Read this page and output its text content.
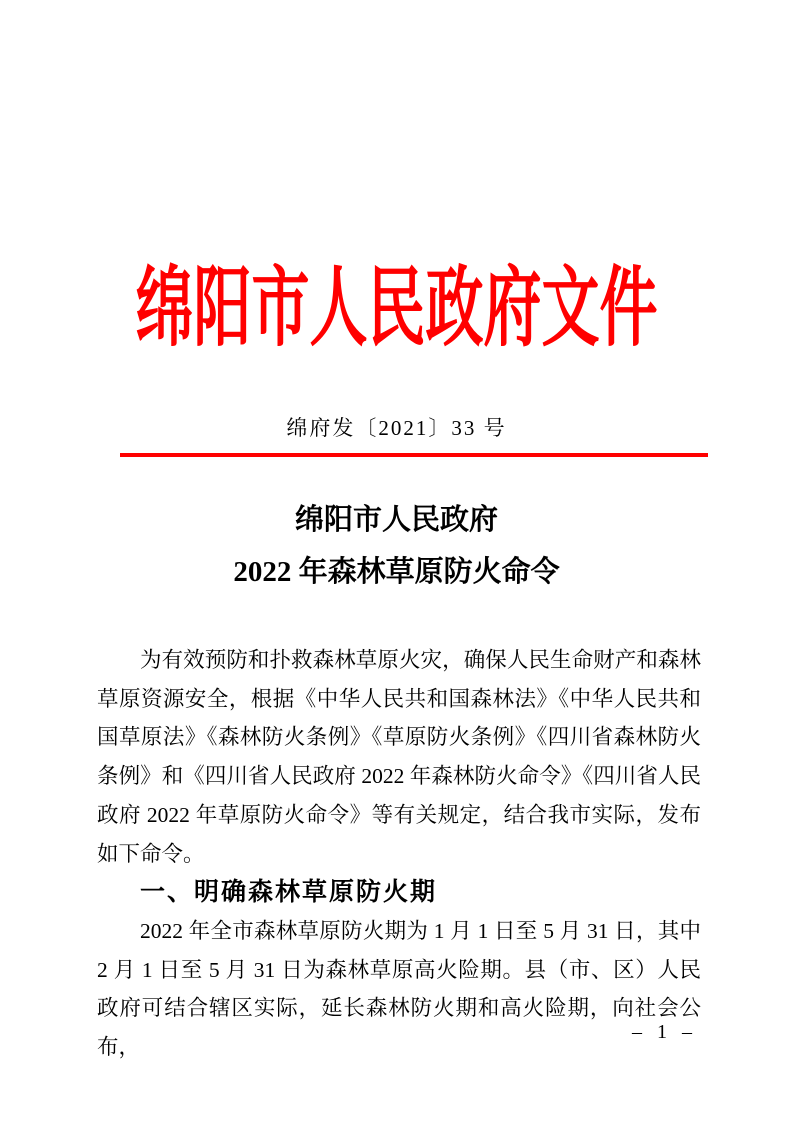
绵阳市人民政府文件
绵府发〔2021〕33 号
绵阳市人民政府
2022 年森林草原防火命令

为有效预防和扑救森林草原火灾，确保人民生命财产和森林草原资源安全，根据《中华人民共和国森林法》《中华人民共和国草原法》《森林防火条例》《草原防火条例》《四川省森林防火条例》和《四川省人民政府 2022 年森林防火命令》《四川省人民政府 2022 年草原防火命令》等有关规定，结合我市实际，发布如下命令。

一、明确森林草原防火期

2022 年全市森林草原防火期为 1 月 1 日至 5 月 31 日，其中 2 月 1 日至 5 月 31 日为森林草原高火险期。县（市、区）人民政府可结合辖区实际，延长森林防火期和高火险期，向社会公布，

– 1 –
